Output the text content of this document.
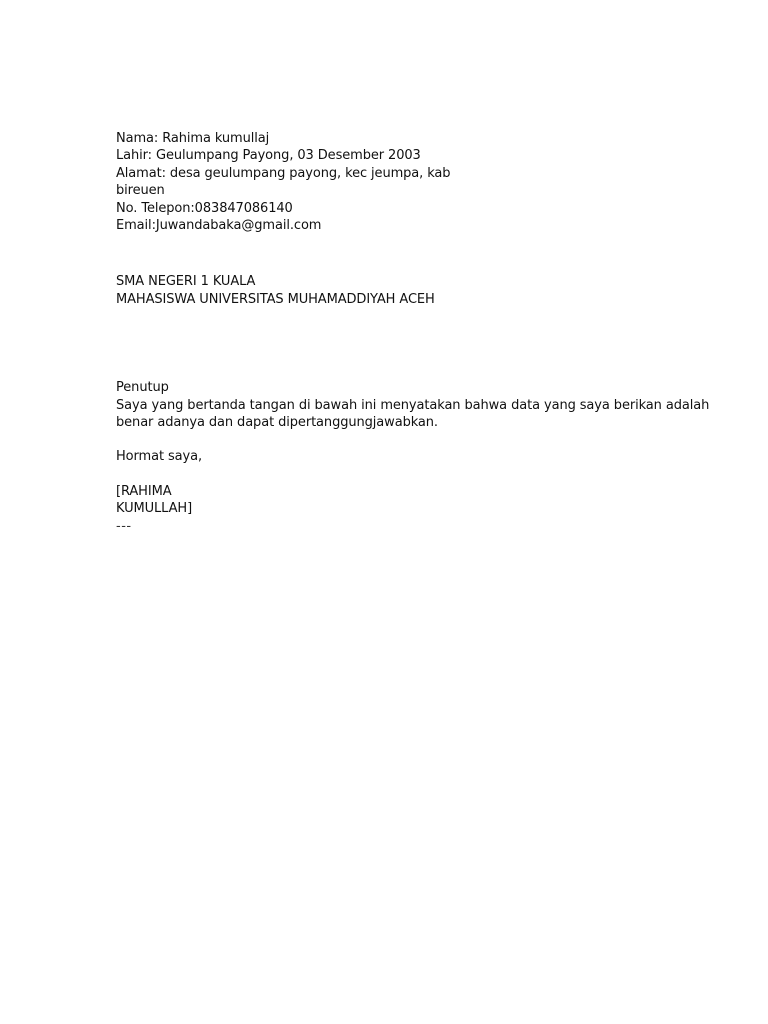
Nama: Rahima kumullaj
Lahir: Geulumpang Payong, 03 Desember 2003
Alamat: desa geulumpang payong, kec jeumpa, kab
bireuen
No. Telepon:083847086140
Email:Juwandabaka@gmail.com
SMA NEGERI 1 KUALA
MAHASISWA UNIVERSITAS MUHAMADDIYAH ACEH
Penutup
Saya yang bertanda tangan di bawah ini menyatakan bahwa data yang saya berikan adalah
benar adanya dan dapat dipertanggungjawabkan.
Hormat saya,
[RAHIMA
KUMULLAH]
---
